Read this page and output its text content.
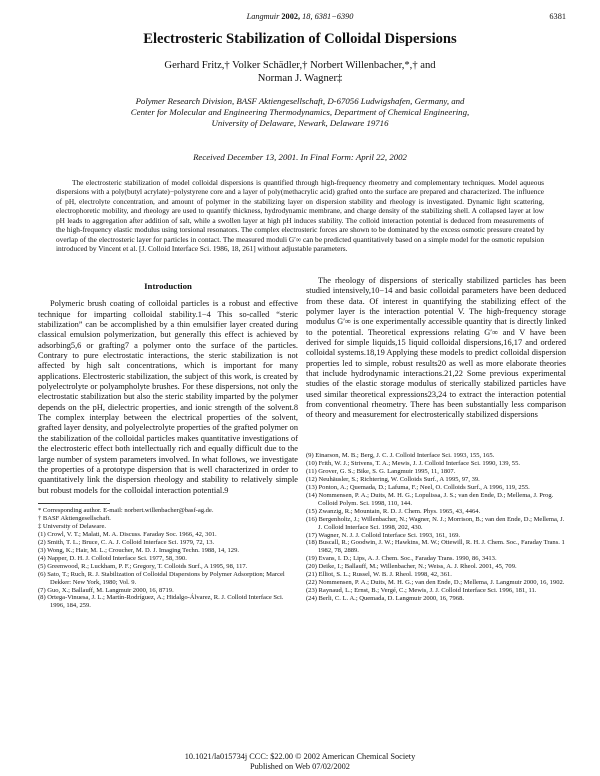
Langmuir 2002, 18, 6381−6390	6381
Electrosteric Stabilization of Colloidal Dispersions
Gerhard Fritz,† Volker Schädler,† Norbert Willenbacher,*,† and
Norman J. Wagner‡
Polymer Research Division, BASF Aktiengesellschaft, D-67056 Ludwigshafen, Germany, and
Center for Molecular and Engineering Thermodynamics, Department of Chemical Engineering,
University of Delaware, Newark, Delaware 19716
Received December 13, 2001. In Final Form: April 22, 2002

The electrosteric stabilization of model colloidal dispersions is quantified through high-frequency rheometry and complementary techniques. Model aqueous dispersions with a poly(butyl acrylate)−polystyrene core and a layer of poly(methacrylic acid) grafted onto the surface are prepared and characterized. The influence of pH, electrolyte concentration, and amount of polymer in the stabilizing layer on dispersion stability and rheology is investigated. Dynamic light scattering, electrophoretic mobility, and rheology are used to quantify thickness, hydrodynamic membrane, and charge density of the stabilizing shell. A collapsed layer at low pH leads to aggregation after addition of salt, while a swollen layer at high pH induces stability. The colloid interaction potential is deduced from measurements of the high-frequency elastic modulus using torsional resonators. The complex electrosteric forces are shown to be dominated by the excess osmotic pressure created by overlap of the electrosteric layer for particles in contact. The measured moduli G′∞ can be predicted quantitatively based on a simple model for the osmotic repulsion introduced by Vincent et al. [J. Colloid Interface Sci. 1986, 18, 261] without adjustable parameters.

Introduction

Polymeric brush coating of colloidal particles is a robust and effective technique for imparting colloidal stability.1−4 This so-called “steric stabilization” can be accomplished by a thin emulsifier layer created during classical emulsion polymerization, but generally this effect is achieved by adsorbing5,6 or grafting7 a polymer onto the surface of the particles. Contrary to pure electrostatic interactions, the steric stabilization is not affected by high salt concentrations, which is important for many applications. Electrosteric stabilization, the subject of this work, is created by polyelectrolyte or polyampholyte brushes. For these dispersions, not only the electrostatic stabilization but also the steric stability imparted by the polymer depends on the pH, dielectric properties, and ionic strength of the solvent.8 The complex interplay between the electrical properties of the solvent, grafted layer density, and polyelectrolyte properties of the grafted polymer on the stabilization of the colloidal particles makes quantitative investigations of the electrosteric effect both intellectually rich and equally difficult due to the large number of system parameters involved. In what follows, we investigate the properties of a prototype dispersion that is well characterized in order to quantitatively link the dispersion rheology and stability to relatively simple but robust models for the colloidal interaction potential.9

The rheology of dispersions of sterically stabilized particles has been studied intensively,10−14 and basic colloidal parameters have been deduced from these data. Of interest in quantifying the stabilizing effect of the polymer layer is the interaction potential V. The high-frequency storage modulus G′∞ is one experimentally accessible quantity that is directly linked to the potential. Theoretical expressions relating G′∞ and V have been derived for simple liquids,15 liquid colloidal dispersions,16,17 and ordered colloidal systems.18,19 Applying these models to predict colloidal dispersion properties led to simple, robust results20 as well as more elaborate theories that include hydrodynamic interactions.21,22 Some previous experimental studies of the elastic storage modulus of sterically stabilized particles have used similar theoretical expressions23,24 to extract the interaction potential from conventional rheometry. There has been substantially less comparison of theory and measurement for electrosterically stabilized dispersions

* Corresponding author. E-mail: norbert.willenbacher@basf-ag.de.

† BASF Aktiengesellschaft.

‡ University of Delaware.

(1) Crowl, V. T.; Malati, M. A. Discuss. Faraday Soc. 1966, 42, 301.

(2) Smith, T. L.; Bruce, C. A. J. Colloid Interface Sci. 1979, 72, 13.

(3) Wong, K.; Hair, M. L.; Croucher, M. D. J. Imaging Techn. 1988, 14, 129.

(4) Napper, D. H. J. Colloid Interface Sci. 1977, 58, 390.

(5) Greenwood, R.; Luckham, P. F.; Gregory, T. Colloids Surf., A 1995, 98, 117.

(6) Sato, T.; Ruch, R. J. Stabilization of Colloidal Dispersions by Polymer Adsorption; Marcel Dekker: New York, 1980; Vol. 9.

(7) Guo, X.; Ballauff, M. Langmuir 2000, 16, 8719.

(8) Ortega-Vinuesa, J. L.; Martín-Rodríguez, A.; Hidalgo-Álvarez, R. J. Colloid Interface Sci. 1996, 184, 259.

(9) Einarson, M. B.; Berg, J. C. J. Colloid Interface Sci. 1993, 155, 165.

(10) Frith, W. J.; Strivens, T. A.; Mewis, J. J. Colloid Interface Sci. 1990, 139, 55.

(11) Grover, G. S.; Bike, S. G. Langmuir 1995, 11, 1807.

(12) Neuhäusler, S.; Richtering, W. Colloids Surf., A 1995, 97, 39.

(13) Ponton, A.; Quemada, D.; Lafuma, F.; Neel, O. Colloids Surf., A 1996, 119, 255.

(14) Nommensen, P. A.; Duits, M. H. G.; Lopulissa, J. S.; van den Ende, D.; Mellema, J. Prog. Colloid Polym. Sci. 1998, 110, 144.

(15) Zwanzig, R.; Mountain, R. D. J. Chem. Phys. 1965, 43, 4464.

(16) Bergenholtz, J.; Willenbacher, N.; Wagner, N. J.; Morrison, B.; van den Ende, D.; Mellema, J. J. Colloid Interface Sci. 1998, 202, 430.

(17) Wagner, N. J. J. Colloid Interface Sci. 1993, 161, 169.

(18) Buscall, R.; Goodwin, J. W.; Hawkins, M. W.; Ottewill, R. H. J. Chem. Soc., Faraday Trans. 1 1982, 78, 2889.

(19) Evans, I. D.; Lips, A. J. Chem. Soc., Faraday Trans. 1990, 86, 3413.

(20) Deike, I.; Ballauff, M.; Willenbacher, N.; Weiss, A. J. Rheol. 2001, 45, 709.

(21) Elliot, S. L.; Russel, W. B. J. Rheol. 1998, 42, 361.

(22) Nommensen, P. A.; Duits, M. H. G.; van den Ende, D.; Mellema, J. Langmuir 2000, 16, 1902.

(23) Raynaud, L.; Ernst, B.; Vergé, C.; Mewis, J. J. Colloid Interface Sci. 1996, 181, 11.

(24) Berli, C. L. A.; Quemada, D. Langmuir 2000, 16, 7968.

10.1021/la015734j CCC: $22.00 © 2002 American Chemical Society
Published on Web 07/02/2002
